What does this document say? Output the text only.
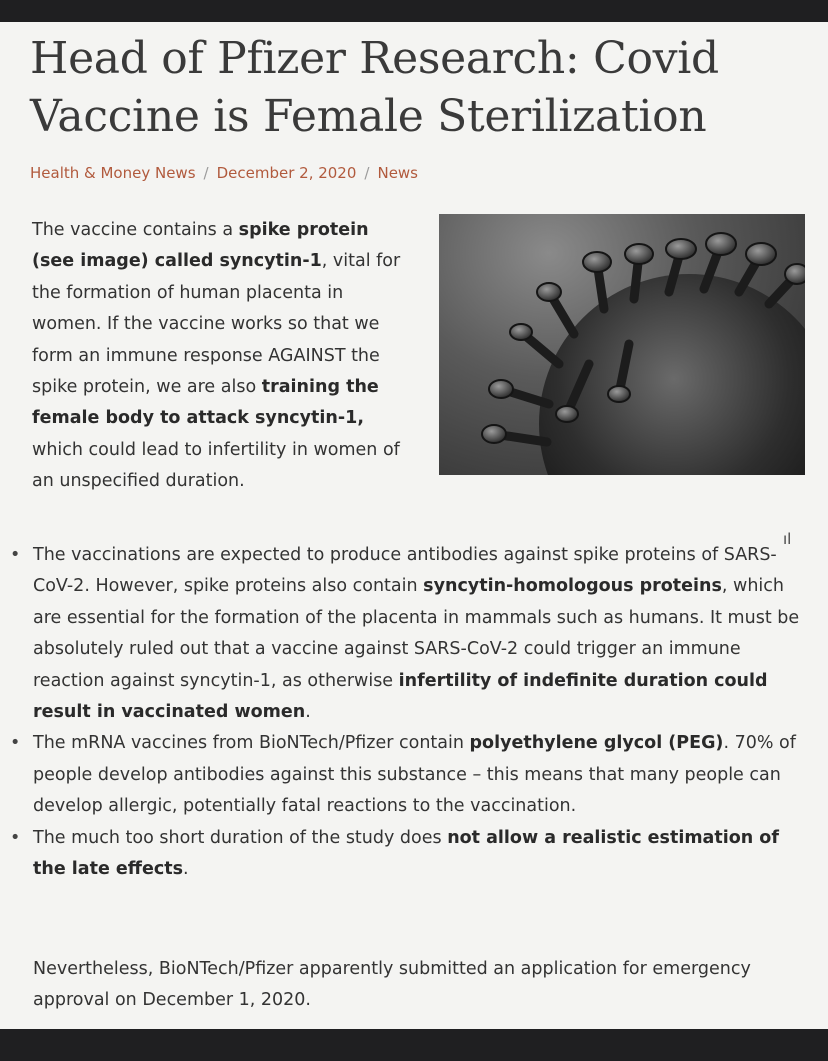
Head of Pfizer Research: Covid Vaccine is Female Sterilization
Health & Money News / December 2, 2020 / News

The vaccine contains a spike protein (see image) called syncytin-1, vital for the formation of human placenta in women. If the vaccine works so that we form an immune response AGAINST the spike protein, we are also training the female body to attack syncytin-1, which could lead to infertility in women of an unspecified duration.

ıl
• The vaccinations are expected to produce antibodies against spike proteins of SARS-CoV-2. However, spike proteins also contain syncytin-homologous proteins, which are essential for the formation of the placenta in mammals such as humans. It must be absolutely ruled out that a vaccine against SARS-CoV-2 could trigger an immune reaction against syncytin-1, as otherwise infertility of indefinite duration could result in vaccinated women.
• The mRNA vaccines from BioNTech/Pfizer contain polyethylene glycol (PEG). 70% of people develop antibodies against this substance – this means that many people can develop allergic, potentially fatal reactions to the vaccination.
• The much too short duration of the study does not allow a realistic estimation of the late effects.

Nevertheless, BioNTech/Pfizer apparently submitted an application for emergency approval on December 1, 2020.
